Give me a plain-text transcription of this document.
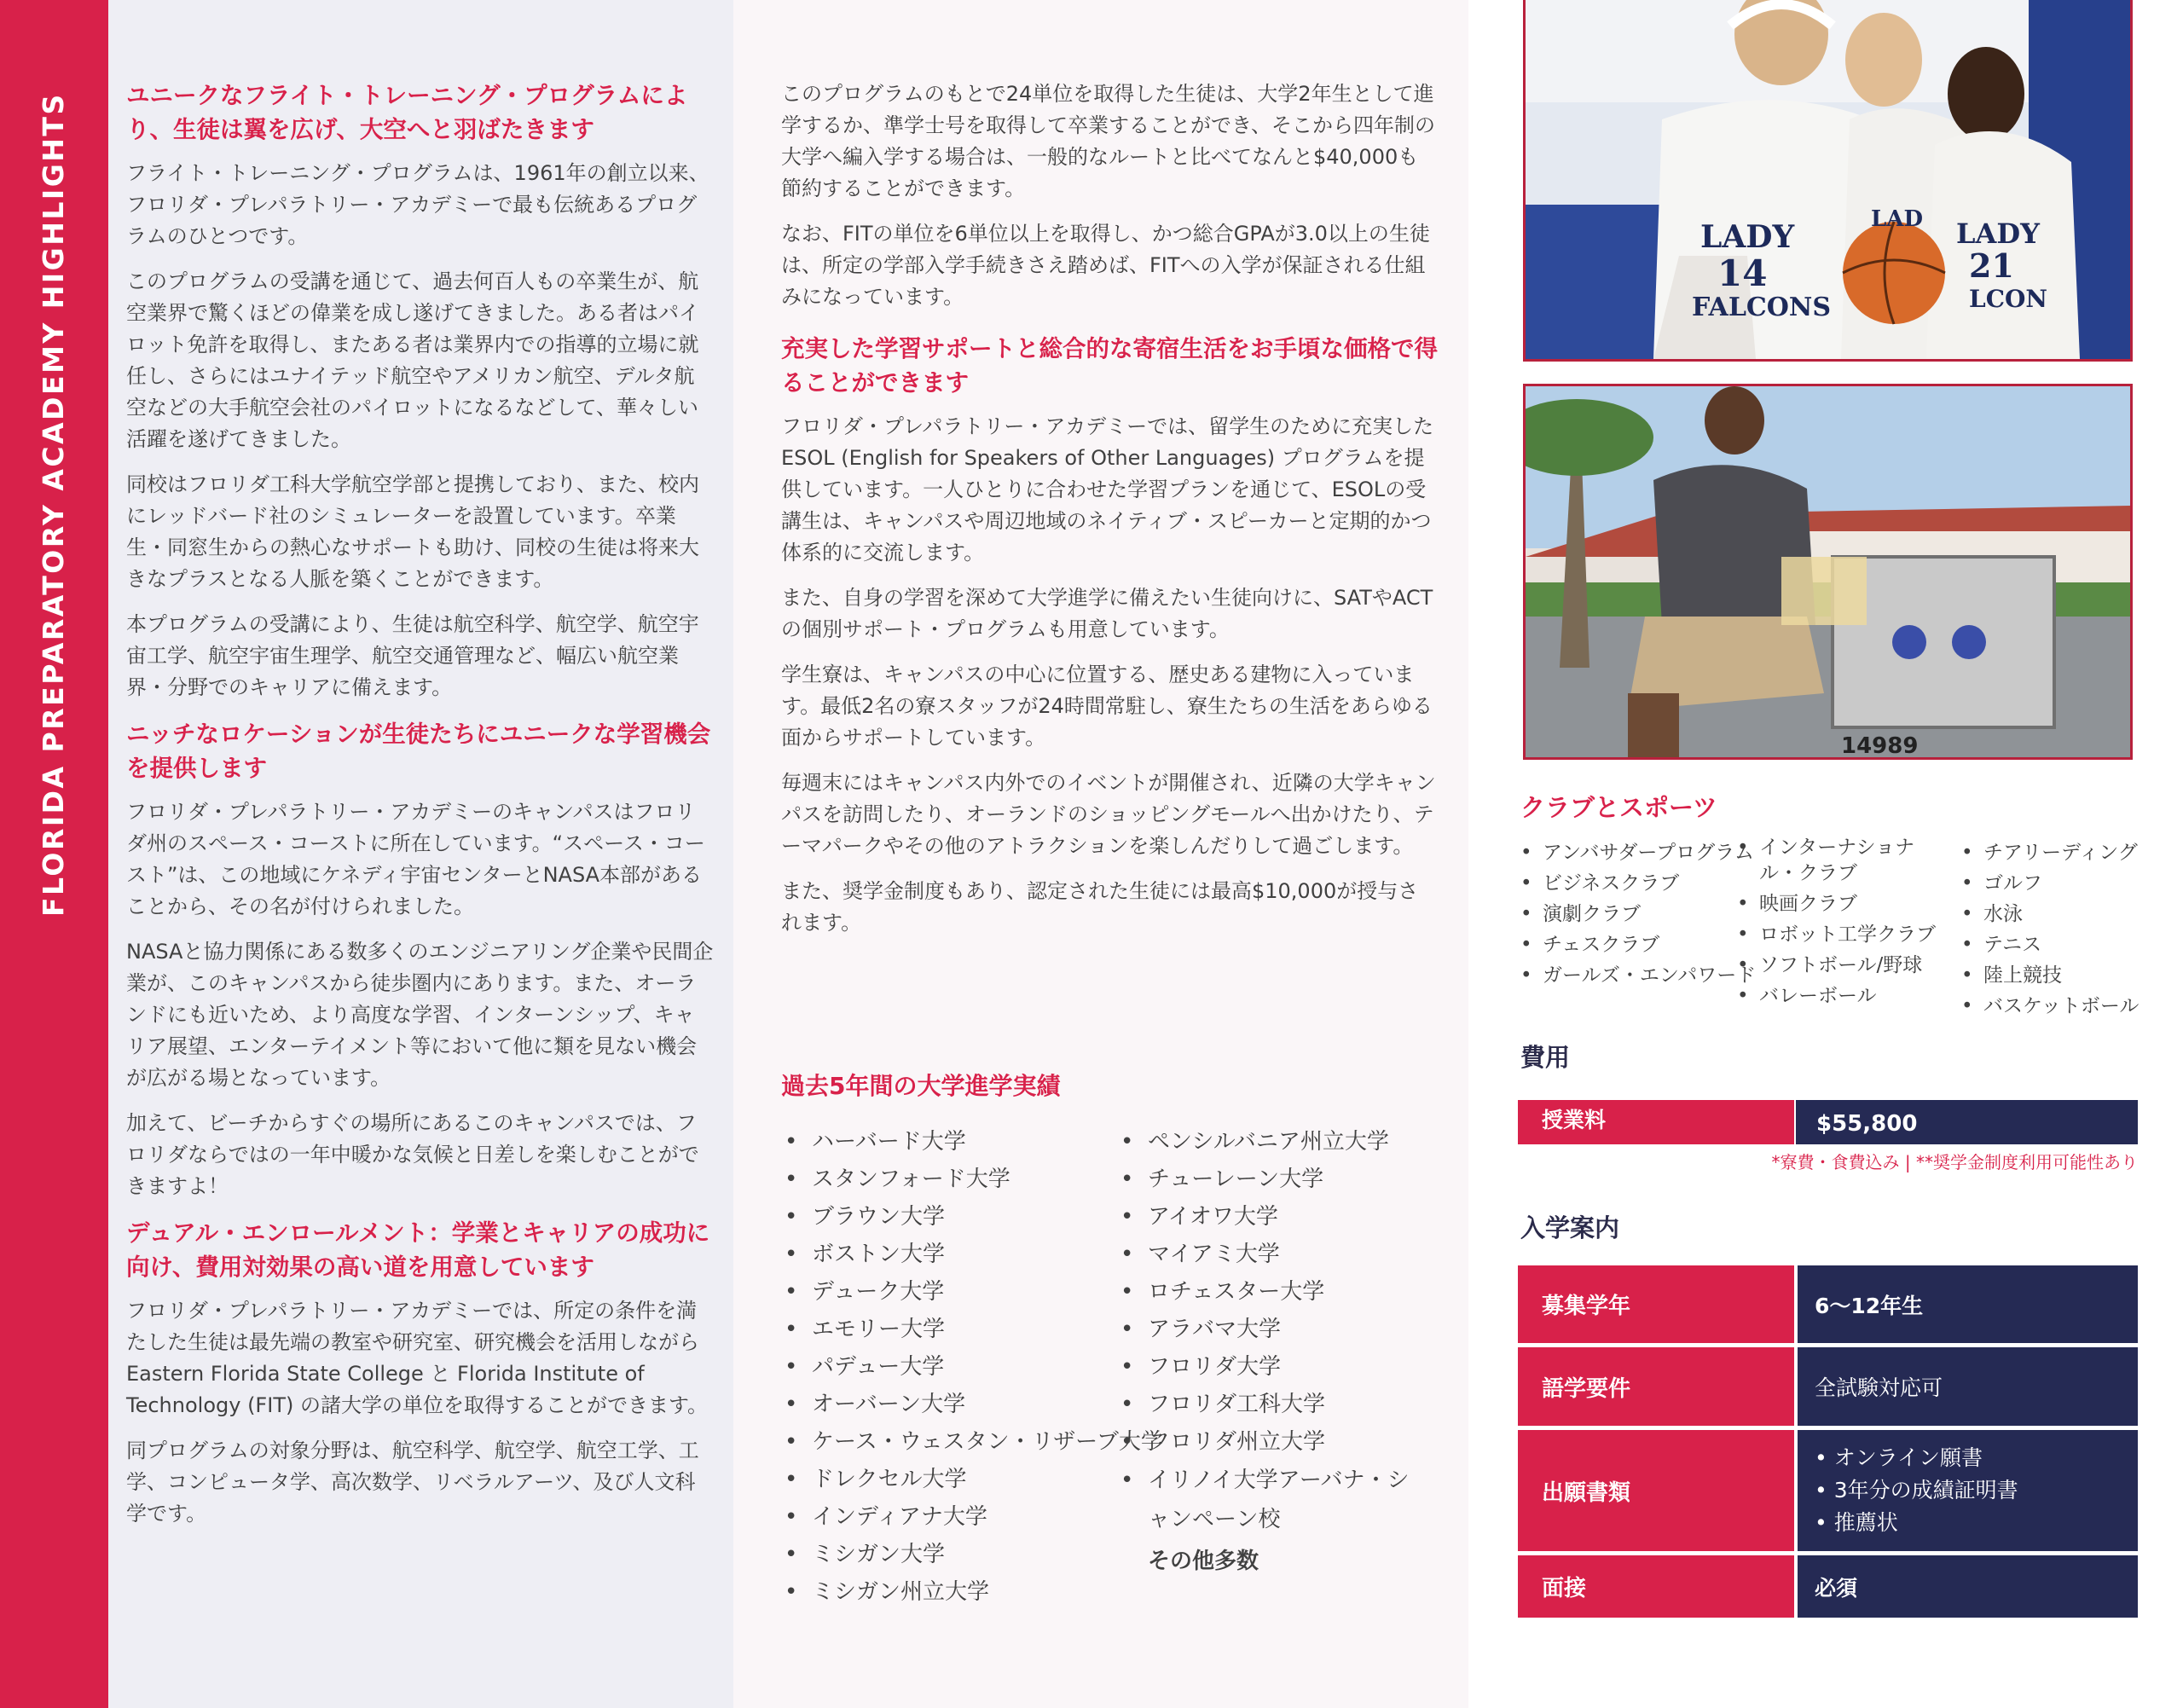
FLORIDA PREPARATORY ACADEMY HIGHLIGHTS ユニークなフライト・トレーニング・プログラムにより、生徒は翼を広げ、大空へと羽ばたきます
フライト・トレーニング・プログラムは、1961年の創立以来、フロリダ・プレパラトリー・アカデミーで最も伝統あるプログラムのひとつです。
このプログラムの受講を通じて、過去何百人もの卒業生が、航空業界で驚くほどの偉業を成し遂げてきました。ある者はパイロット免許を取得し、またある者は業界内での指導的立場に就任し、さらにはユナイテッド航空やアメリカン航空、デルタ航空などの大手航空会社のパイロットになるなどして、華々しい活躍を遂げてきました。
同校はフロリダ工科大学航空学部と提携しており、また、校内にレッドバード社のシミュレーターを設置しています。卒業生・同窓生からの熱心なサポートも助け、同校の生徒は将来大きなプラスとなる人脈を築くことができます。
本プログラムの受講により、生徒は航空科学、航空学、航空宇宙工学、航空宇宙生理学、航空交通管理など、幅広い航空業界・分野でのキャリアに備えます。
ニッチなロケーションが生徒たちにユニークな学習機会を提供します
フロリダ・プレパラトリー・アカデミーのキャンパスはフロリダ州のスペース・コーストに所在しています。“スペース・コースト”は、この地域にケネディ宇宙センターとNASA本部があることから、その名が付けられました。
NASAと協力関係にある数多くのエンジニアリング企業や民間企業が、このキャンパスから徒歩圏内にあります。また、オーランドにも近いため、より高度な学習、インターンシップ、キャリア展望、エンターテイメント等において他に類を見ない機会が広がる場となっています。
加えて、ビーチからすぐの場所にあるこのキャンパスでは、フロリダならではの一年中暖かな気候と日差しを楽しむことができますよ！
デュアル・エンロールメント：学業とキャリアの成功に向け、費用対効果の高い道を用意しています
フロリダ・プレパラトリー・アカデミーでは、所定の条件を満たした生徒は最先端の教室や研究室、研究機会を活用しながら Eastern Florida State College と Florida Institute of Technology (FIT) の諸大学の単位を取得することができます。
同プログラムの対象分野は、航空科学、航空学、航空工学、工学、コンピュータ学、高次数学、リベラルアーツ、及び人文科学です。
このプログラムのもとで24単位を取得した生徒は、大学2年生として進学するか、準学士号を取得して卒業することができ、そこから四年制の大学へ編入学する場合は、一般的なルートと比べてなんと$40,000も節約することができます。
なお、FITの単位を6単位以上を取得し、かつ総合GPAが3.0以上の生徒は、所定の学部入学手続きさえ踏めば、FITへの入学が保証される仕組みになっています。
充実した学習サポートと総合的な寄宿生活をお手頃な価格で得ることができます
フロリダ・プレパラトリー・アカデミーでは、留学生のために充実したESOL (English for Speakers of Other Languages) プログラムを提供しています。一人ひとりに合わせた学習プランを通じて、ESOLの受講生は、キャンパスや周辺地域のネイティブ・スピーカーと定期的かつ体系的に交流します。
また、自身の学習を深めて大学進学に備えたい生徒向けに、SATやACTの個別サポート・プログラムも用意しています。
学生寮は、キャンパスの中心に位置する、歴史ある建物に入っています。最低2名の寮スタッフが24時間常駐し、寮生たちの生活をあらゆる面からサポートしています。
毎週末にはキャンパス内外でのイベントが開催され、近隣の大学キャンパスを訪問したり、オーランドのショッピングモールへ出かけたり、テーマパークやその他のアトラクションを楽しんだりして過ごします。
また、奨学金制度もあり、認定された生徒には最高$10,000が授与されます。
過去5年間の大学進学実績
• ハーバード大学
• スタンフォード大学
• ブラウン大学
• ボストン大学
• デューク大学
• エモリー大学
• パデュー大学
• オーバーン大学
• ケース・ウェスタン・リザーブ大学
• ドレクセル大学
• インディアナ大学
• ミシガン大学
• ミシガン州立大学
• ペンシルバニア州立大学
• チューレーン大学
• アイオワ大学
• マイアミ大学
• ロチェスター大学
• アラバマ大学
• フロリダ大学
• フロリダ工科大学
• フロリダ州立大学
• イリノイ大学アーバナ・シャンペーン校
その他多数
LADY
14
FALCONS
LADY
21
LCON
LAD
14989
クラブとスポーツ
• アンバサダープログラム
• ビジネスクラブ
• 演劇クラブ
• チェスクラブ
• ガールズ・エンパワード
• インターナショナル・クラブ
• 映画クラブ
• ロボット工学クラブ
• ソフトボール/野球
• バレーボール
• チアリーディング
• ゴルフ
• 水泳
• テニス
• 陸上競技
• バスケットボール
費用
授業料	$55,800
*寮費・食費込み | **奨学金制度利用可能性あり
入学案内
募集学年	6～12年生
語学要件	全試験対応可
出願書類
• オンライン願書
• 3年分の成績証明書
• 推薦状
面接	必須
